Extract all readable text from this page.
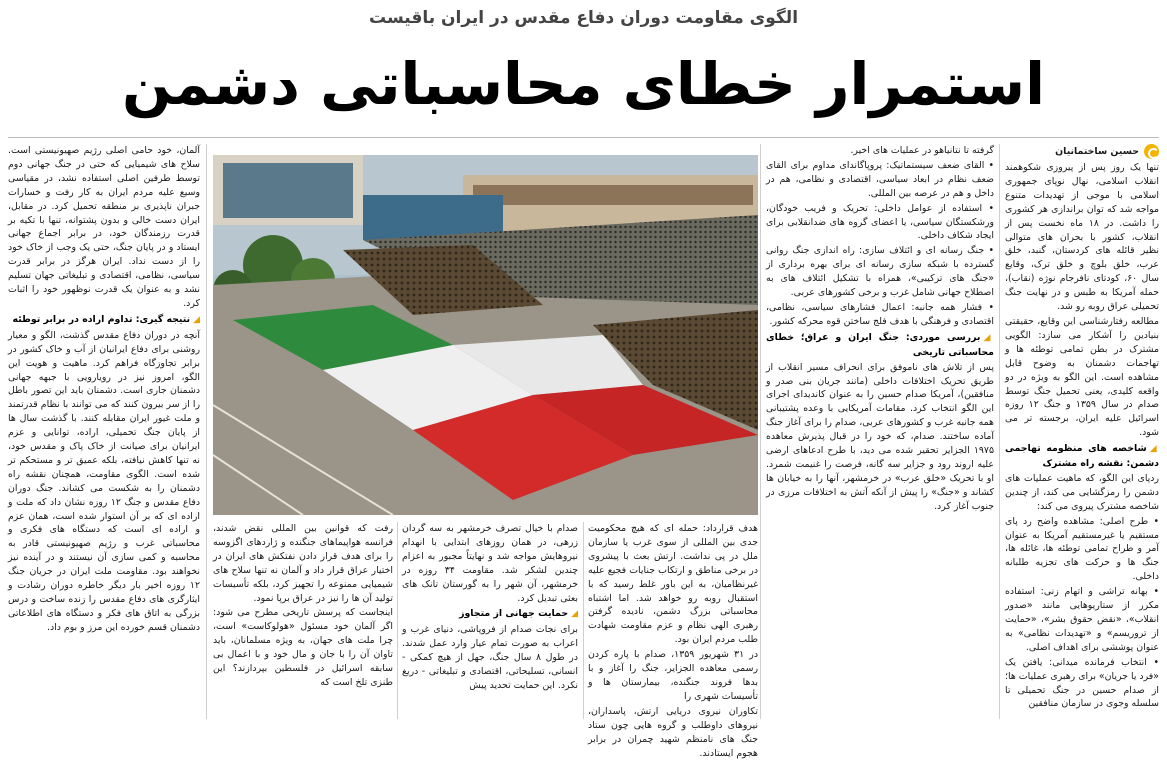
الگوی مقاومت دوران دفاع مقدس در ایران باقیست
استمرار خطای محاسباتی دشمن
حسین ساختمانیان

تنها یک روز پس از پیروزی شکوهمند انقلاب اسلامی، نهال نوپای جمهوری اسلامی با موجی از تهدیدات متنوع مواجه شد که توان براندازی هر کشوری را داشت. در ۱۸ ماه نخست پس از انقلاب، کشور با بحران های متوالی نظیر قائله های کردستان، گنبد، خلق عرب، خلق بلوچ و خلق ترک، وقایع سال ۶۰، کودتای نافرجام نوژه (نقاب)، حمله آمریکا به طبس و در نهایت جنگ تحمیلی عراق روبه رو شد.

مطالعه رفتارشناسی این وقایع، حقیقتی بنیادین را آشکار می سازد: الگویی مشترک در بطن تمامی توطئه ها و تهاجمات دشمنان به وضوح قابل مشاهده است. این الگو به ویژه در دو واقعه کلیدی، یعنی تحمیل جنگ توسط صدام در سال ۱۳۵۹ و جنگ ۱۲ روزه اسرائیل علیه ایران، برجسته تر می شود.

◢شاخصه های منظومه تهاجمی دشمن: نقشه راه مشترک

ردپای این الگو، که ماهیت عملیات های دشمن را رمزگشایی می کند، از چندین شاخصه مشترک پیروی می کند:

• طرح اصلی: مشاهده واضح رد پای مستقیم یا غیرمستقیم آمریکا به عنوان آمر و طراح تمامی توطئه ها، غائله ها، جنگ ها و حرکت های تجزیه طلبانه داخلی.

• بهانه تراشی و اتهام زنی: استفاده مکرر از ستاریوهایی مانند «صدور انقلاب»، «نقض حقوق بشر»، «حمایت از تروریسم» و «تهدیدات نظامی» به عنوان پوششی برای اهداف اصلی.

• انتخاب فرمانده میدانی: یافتن یک «فرد یا جریان» برای رهبری عملیات ها؛ از صدام حسین در جنگ تحمیلی تا سلسله وجوی در سازمان منافقین

گرفته تا نتانیاهو در عملیات های اخیر.

• القای ضعف سیستماتیک: پروپاگاندای مداوم برای القای ضعف نظام در ابعاد سیاسی، اقتصادی و نظامی، هم در داخل و هم در عرصه بین المللی.

• استفاده از عوامل داخلی: تحریک و فریب خودگان، ورشکستگان سیاسی، یا اعضای گروه های ضدانقلابی برای ایجاد شکاف داخلی.

• جنگ رسانه ای و ائتلاف سازی: راه اندازی جنگ روانی گسترده با شبکه سازی رسانه ای برای بهره برداری از «جنگ های ترکیبی»، همراه با تشکیل ائتلاف های به اصطلاح جهانی شامل غرب و برخی کشورهای عربی.

• فشار همه جانبه: اعمال فشارهای سیاسی، نظامی، اقتصادی و فرهنگی با هدف فلج ساختن قوه محرکه کشور.

◢بررسی موردی: جنگ ایران و عراق؛ خطای محاسباتی تاریخی

پس از تلاش های ناموفق برای انحراف مسیر انقلاب از طریق تحریک اختلافات داخلی (مانند جریان بنی صدر و منافقین)، آمریکا صدام حسین را به عنوان کاندیدای اجرای این الگو انتخاب کرد. مقامات آمریکایی با وعده پشتیبانی همه جانبه غرب و کشورهای عربی، صدام را برای آغاز جنگ آماده ساختند. صدام، که خود را در قبال پذیرش معاهده ۱۹۷۵ الجزایر تحقیر شده می دید، با طرح ادعاهای ارضی علیه اروند رود و جزایر سه گانه، فرصت را غنیمت شمرد. او با تحریک «خلق عرب» در خرمشهر، آنها را به خیابان ها کشاند و «جنگ» را پیش از آنکه آتش به اختلافات مرزی در جنوب آغاز کرد.

هدف قرارداد: حمله ای که هیچ محکومیت جدی بین المللی از سوی غرب یا سازمان ملل در پی نداشت. ارتش بعث با پیشروی در برخی مناطق و ارتکاب جنایات فجیع علیه غیرنظامیان، به این باور غلط رسید که با استقبال روبه رو خواهد شد. اما اشتباه محاسباتی بزرگ دشمن، نادیده گرفتن رهبری الهی نظام و عزم مقاومت شهادت طلب مردم ایران بود.

در ۳۱ شهریور ۱۳۵۹، صدام با پاره کردن رسمی معاهده الجزایر، جنگ را آغاز و با بدها فروند جنگنده، بیمارستان ها و تأسیسات شهری را

تکاوران نیروی دریایی ارتش، پاسداران، نیروهای داوطلب و گروه هایی چون ستاد جنگ های نامنظم شهید چمران در برابر هجوم ایستادند.

صدام با خیال تصرف خرمشهر به سه گردان زرهی، در همان روزهای ابتدایی با انهدام نیروهایش مواجه شد و نهایتاً مجبور به اعزام چندین لشکر شد. مقاومت ۳۴ روزه در خرمشهر، آن شهر را به گورستان تانک های بعثی تبدیل کرد.

◢حمایت جهانی از متجاوز

برای نجات صدام از فروپاشی، دنیای غرب و اعراب به صورت تمام عیار وارد عمل شدند. در طول ۸ سال جنگ، جهل از هیچ کمکی - انسانی، تسلیحاتی، اقتصادی و تبلیغاتی - دریغ نکرد. این حمایت تحدید پیش

رفت که قوانین بین المللی نقض شدند، فرانسه هواپیماهای جنگنده و ژاردهای اگزوسه را برای هدف قرار دادن نفتکش های ایران در اختیار عراق قرار داد و آلمان نه تنها سلاح های شیمیایی ممنوعه را تجهیز کرد، بلکه تأسیسات تولید آن ها را نیز در عراق برپا نمود.

اینجاست که پرسش تاریخی مطرح می شود: اگر آلمان خود مسئول «هولوکاست» است، چرا ملت های جهان، به ویژه مسلمانان، باید تاوان آن را با جان و مال خود و با اعمال بی سابقه اسرائیل در فلسطین بپردازند؟ این طنزی تلخ است که

آلمان، خود حامی اصلی رژیم صهیونیستی است. سلاح های شیمیایی که حتی در جنگ جهانی دوم توسط طرفین اصلی استفاده نشد، در مقیاسی وسیع علیه مردم ایران به کار رفت و خسارات جبران ناپذیری بر منطقه تحمیل کرد. در مقابل، ایران دست خالی و بدون پشتوانه، تنها با تکیه بر قدرت رزمندگان خود، در برابر اجماع جهانی ایستاد و در پایان جنگ، حتی یک وجب از خاک خود را از دست نداد. ایران هرگز در برابر قدرت سیاسی، نظامی، اقتصادی و تبلیغاتی جهان تسلیم نشد و به عنوان یک قدرت نوظهور خود را اثبات کرد.

◢نتیجه گیری: تداوم اراده در برابر توطئه

آنچه در دوران دفاع مقدس گذشت، الگو و معیار روشنی برای دفاع ایرانیان از آب و خاک کشور در برابر تجاوزگاه فراهم کرد. ماهیت و هویت این الگو، امروز نیز در رویارویی با جبهه جهانی دشمنان جاری است. دشمنان باید این تصور باطل را از سر بیرون کنند که می توانند با نظام قدرتمند و ملت غیور ایران مقابله کنند. با گذشت سال ها از پایان جنگ تحمیلی، اراده، توانایی و عزم ایرانیان برای صیانت از خاک پاک و مقدس خود، نه تنها کاهش نیافته، بلکه عمیق تر و مستحکم تر شده است. الگوی مقاومت، همچنان نقشه راه دشمنان را به شکست می کشاند. جنگ دوران دفاع مقدس و جنگ ۱۲ روزه نشان داد که ملت و اراده ای که بر آن استوار شده است، همان عزم و اراده ای است که دستگاه های فکری و محاسباتی غرب و رژیم صهیونیستی قادر به محاسبه و کمی سازی آن نیستند و در آینده نیز نخواهند بود. مقاومت ملت ایران در جریان جنگ ۱۲ روزه اخیر بار دیگر خاطره دوران رشادت و ایثارگری های دفاع مقدس را زنده ساخت و درس بزرگی به اتاق های فکر و دستگاه های اطلاعاتی دشمنان قسم خورده این مرز و بوم داد.
